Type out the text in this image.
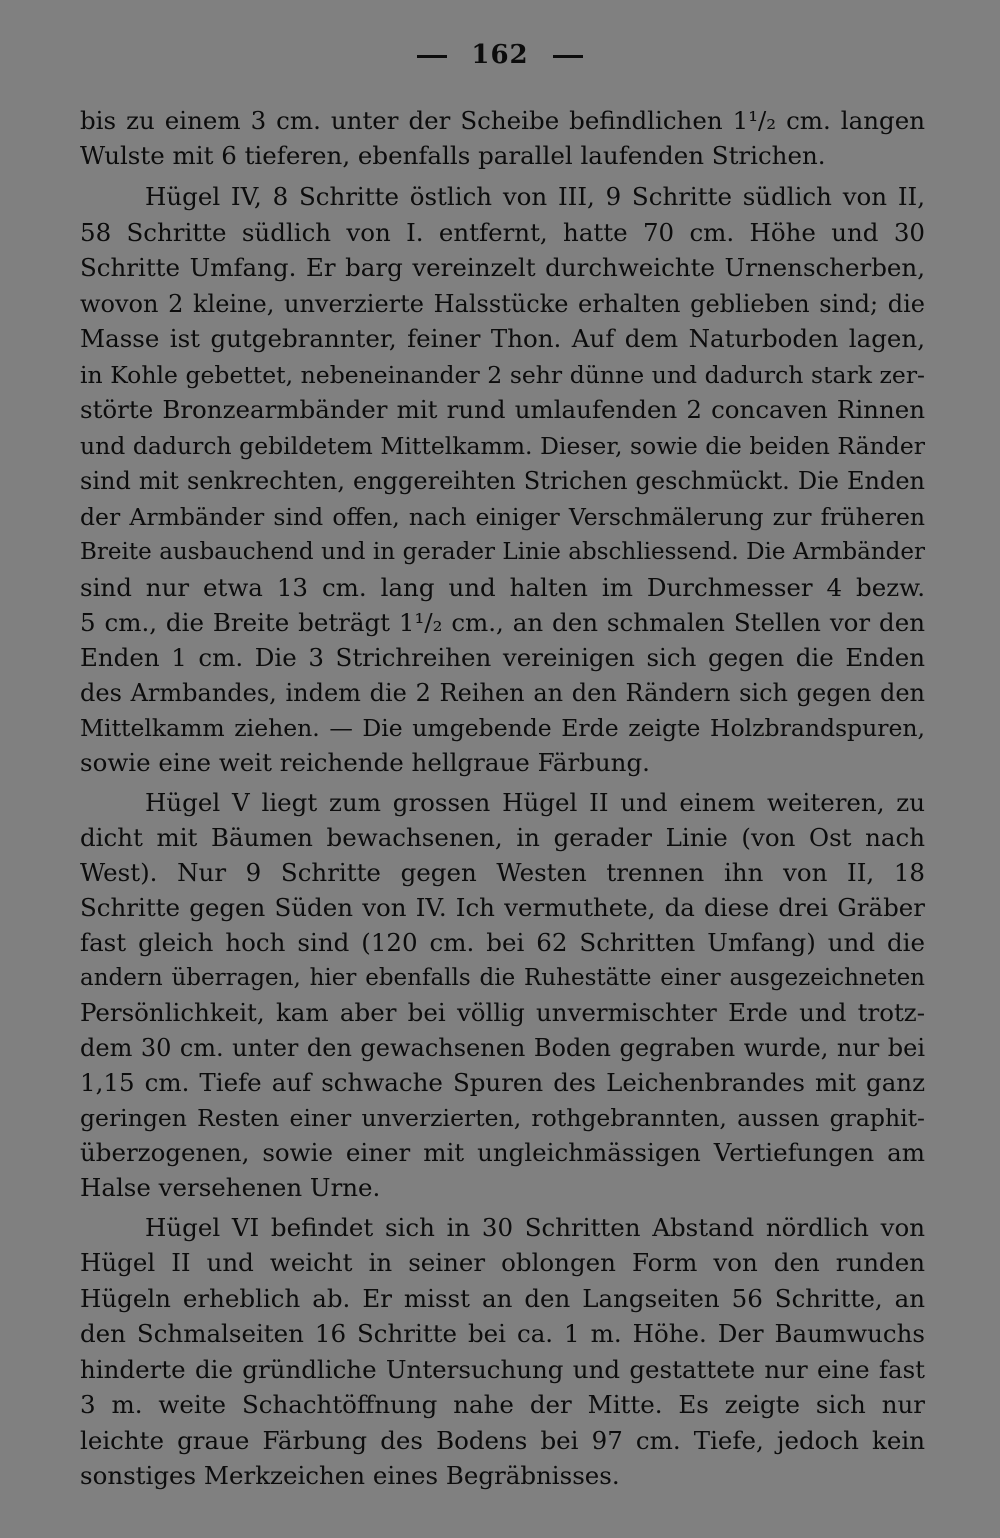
162
bis zu einem 3 cm. unter der Scheibe befindlichen 1¹/₂ cm. langen
Wulste mit 6 tieferen, ebenfalls parallel laufenden Strichen.
Hügel IV, 8 Schritte östlich von III, 9 Schritte südlich von II,
58 Schritte südlich von I. entfernt, hatte 70 cm. Höhe und 30
Schritte Umfang. Er barg vereinzelt durchweichte Urnenscherben,
wovon 2 kleine, unverzierte Halsstücke erhalten geblieben sind; die
Masse ist gutgebrannter, feiner Thon. Auf dem Naturboden lagen,
in Kohle gebettet, nebeneinander 2 sehr dünne und dadurch stark zer-
störte Bronzearmbänder mit rund umlaufenden 2 concaven Rinnen
und dadurch gebildetem Mittelkamm. Dieser, sowie die beiden Ränder
sind mit senkrechten, enggereihten Strichen geschmückt. Die Enden
der Armbänder sind offen, nach einiger Verschmälerung zur früheren
Breite ausbauchend und in gerader Linie abschliessend. Die Armbänder
sind nur etwa 13 cm. lang und halten im Durchmesser 4 bezw.
5 cm., die Breite beträgt 1¹/₂ cm., an den schmalen Stellen vor den
Enden 1 cm. Die 3 Strichreihen vereinigen sich gegen die Enden
des Armbandes, indem die 2 Reihen an den Rändern sich gegen den
Mittelkamm ziehen. — Die umgebende Erde zeigte Holzbrandspuren,
sowie eine weit reichende hellgraue Färbung.
Hügel V liegt zum grossen Hügel II und einem weiteren, zu
dicht mit Bäumen bewachsenen, in gerader Linie (von Ost nach
West). Nur 9 Schritte gegen Westen trennen ihn von II, 18
Schritte gegen Süden von IV. Ich vermuthete, da diese drei Gräber
fast gleich hoch sind (120 cm. bei 62 Schritten Umfang) und die
andern überragen, hier ebenfalls die Ruhestätte einer ausgezeichneten
Persönlichkeit, kam aber bei völlig unvermischter Erde und trotz-
dem 30 cm. unter den gewachsenen Boden gegraben wurde, nur bei
1,15 cm. Tiefe auf schwache Spuren des Leichenbrandes mit ganz
geringen Resten einer unverzierten, rothgebrannten, aussen graphit-
überzogenen, sowie einer mit ungleichmässigen Vertiefungen am
Halse versehenen Urne.
Hügel VI befindet sich in 30 Schritten Abstand nördlich von
Hügel II und weicht in seiner oblongen Form von den runden
Hügeln erheblich ab. Er misst an den Langseiten 56 Schritte, an
den Schmalseiten 16 Schritte bei ca. 1 m. Höhe. Der Baumwuchs
hinderte die gründliche Untersuchung und gestattete nur eine fast
3 m. weite Schachtöffnung nahe der Mitte. Es zeigte sich nur
leichte graue Färbung des Bodens bei 97 cm. Tiefe, jedoch kein
sonstiges Merkzeichen eines Begräbnisses.
